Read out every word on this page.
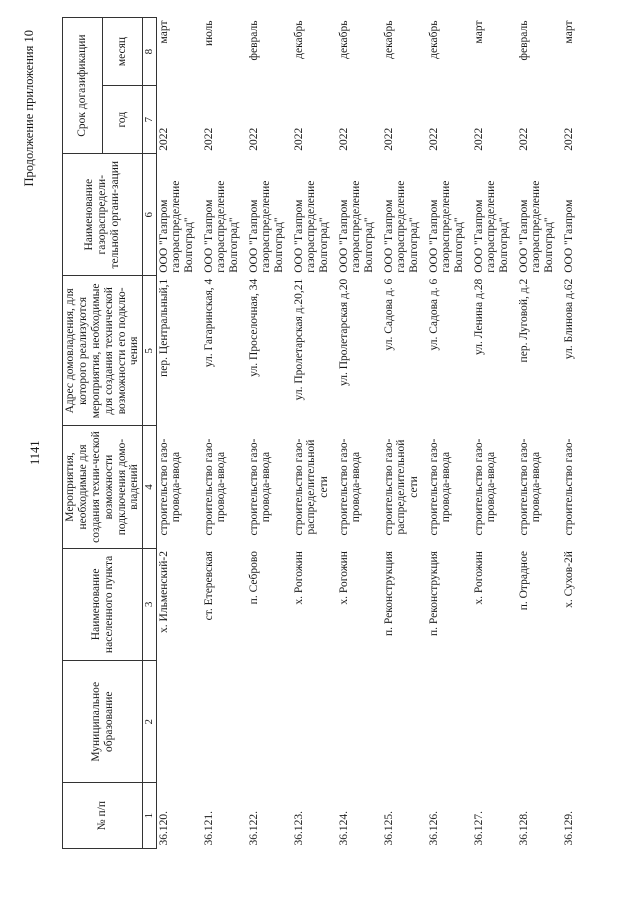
1141
Продолжение приложения 10
№ п/п	Муниципальное образование	Наименование населенного пункта	Мероприятия, необходимые для создания техни-ческой возможности подключения домо-владений	Адрес домовладения, для которого реализуются мероприятия, необходимые для создания технической возможности его подклю-чения	Наименование газораспредели-тельной органи-зации	Срок догазификации	
						год	месяц
1	2	3	4	5	6	7	8
36.120.		х. Ильменский-2	строительство газо-провода-ввода	пер. Центральный,1	ООО "Газпром газораспределение Волгоград"	2022	март
36.121.		ст. Етеревская	строительство газо-провода-ввода	ул. Гагаринская, 4	ООО "Газпром газораспределение Волгоград"	2022	июль
36.122.		п. Себрово	строительство газо-провода-ввода	ул. Проселочная, 34	ООО "Газпром газораспределение Волгоград"	2022	февраль
36.123.		х. Рогожин	строительство газо-распределительной сети	ул. Пролетарская д.20,21	ООО "Газпром газораспределение Волгоград"	2022	декабрь
36.124.		х. Рогожин	строительство газо-провода-ввода	ул. Пролетарская д.20	ООО "Газпром газораспределение Волгоград"	2022	декабрь
36.125.		п. Реконструкция	строительство газо-распределительной сети	ул. Садова д. 6	ООО "Газпром газораспределение Волгоград"	2022	декабрь
36.126.		п. Реконструкция	строительство газо-провода-ввода	ул. Садова д. 6	ООО "Газпром газораспределение Волгоград"	2022	декабрь
36.127.		х. Рогожин	строительство газо-провода-ввода	ул. Ленина д.28	ООО "Газпром газораспределение Волгоград"	2022	март
36.128.		п. Отрадное	строительство газо-провода-ввода	пер. Луговой, д.2	ООО "Газпром газораспределение Волгоград"	2022	февраль
36.129.		х. Сухов-2й	строительство газо-	ул. Блинова д.62	ООО "Газпром	2022	март
